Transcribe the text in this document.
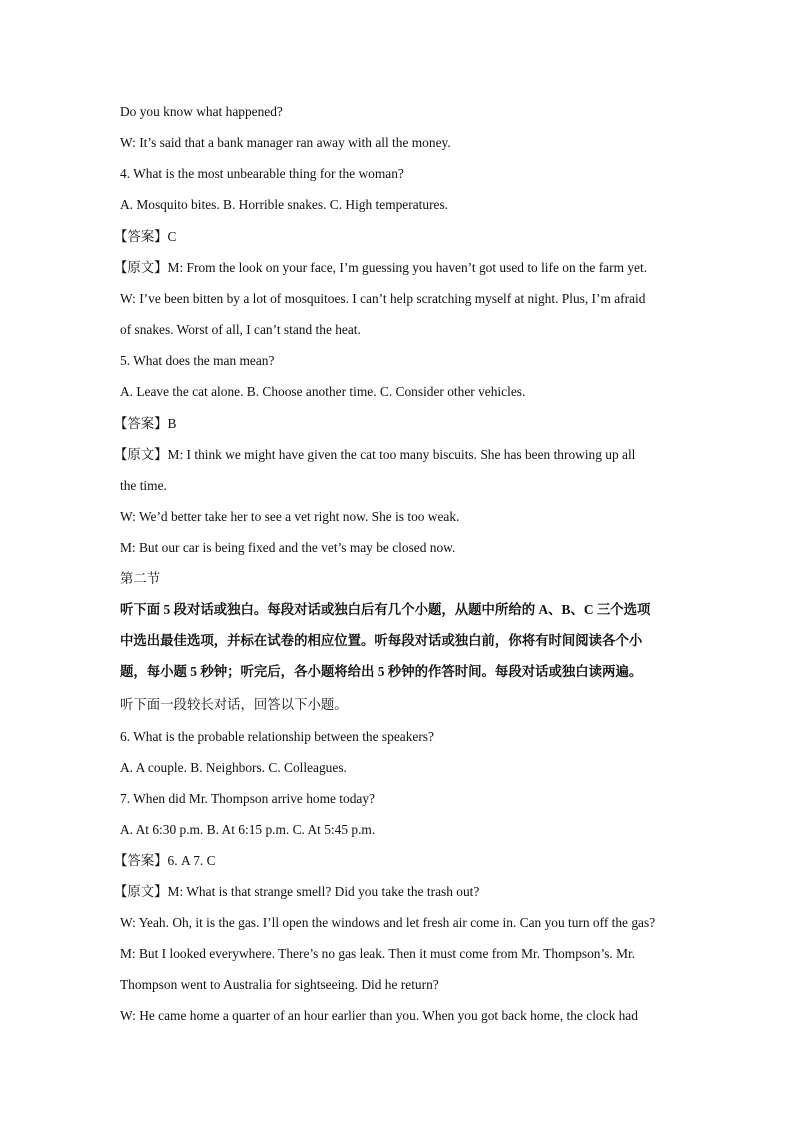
Do you know what happened?
W: It’s said that a bank manager ran away with all the money.
4. What is the most unbearable thing for the woman?
A. Mosquito bites. B. Horrible snakes. C. High temperatures.
【答案】C
【原文】M: From the look on your face, I’m guessing you haven’t got used to life on the farm yet.
W: I’ve been bitten by a lot of mosquitoes. I can’t help scratching myself at night. Plus, I’m afraid
of snakes. Worst of all, I can’t stand the heat.
5. What does the man mean?
A. Leave the cat alone. B. Choose another time. C. Consider other vehicles.
【答案】B
【原文】M: I think we might have given the cat too many biscuits. She has been throwing up all
the time.
W: We’d better take her to see a vet right now. She is too weak.
M: But our car is being fixed and the vet’s may be closed now.
第二节
听下面 5 段对话或独白。每段对话或独白后有几个小题，从题中所给的 A、B、C 三个选项
中选出最佳选项，并标在试卷的相应位置。听每段对话或独白前，你将有时间阅读各个小
题，每小题 5 秒钟；听完后，各小题将给出 5 秒钟的作答时间。每段对话或独白读两遍。
听下面一段较长对话，回答以下小题。
6. What is the probable relationship between the speakers?
A. A couple. B. Neighbors. C. Colleagues.
7. When did Mr. Thompson arrive home today?
A. At 6:30 p.m. B. At 6:15 p.m. C. At 5:45 p.m.
【答案】6. A 7. C
【原文】M: What is that strange smell? Did you take the trash out?
W: Yeah. Oh, it is the gas. I’ll open the windows and let fresh air come in. Can you turn off the gas?
M: But I looked everywhere. There’s no gas leak. Then it must come from Mr. Thompson’s. Mr.
Thompson went to Australia for sightseeing. Did he return?
W: He came home a quarter of an hour earlier than you. When you got back home, the clock had
